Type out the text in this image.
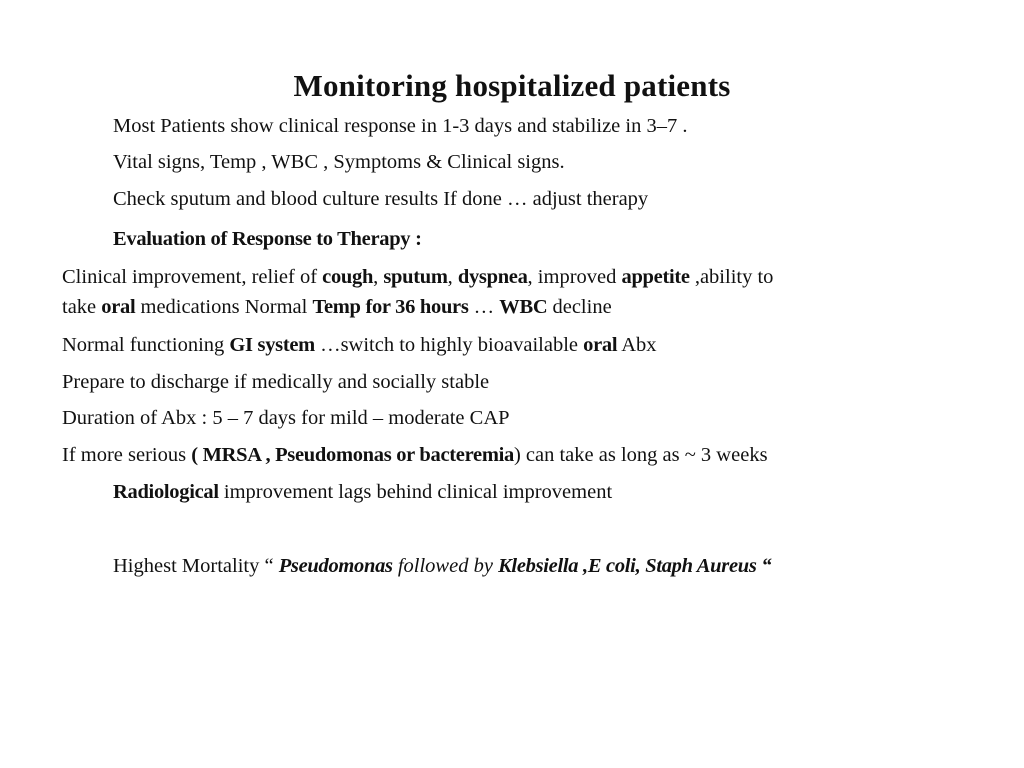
Monitoring hospitalized patients
Most Patients show clinical response in 1-3 days and stabilize in 3–7 .
Vital signs, Temp , WBC , Symptoms & Clinical signs.
Check sputum and blood culture results If done … adjust therapy
Evaluation of Response to Therapy :
Clinical improvement, relief of cough, sputum, dyspnea, improved appetite ,ability to
take oral medications Normal Temp for 36 hours … WBC decline
Normal functioning GI system …switch to highly bioavailable oral Abx
Prepare to discharge if medically and socially stable
Duration of Abx : 5 – 7 days for mild – moderate CAP
If more serious ( MRSA , Pseudomonas or bacteremia) can take as long as ~ 3 weeks
Radiological improvement lags behind clinical improvement
Highest Mortality “ Pseudomonas followed by Klebsiella ,E coli, Staph Aureus “
